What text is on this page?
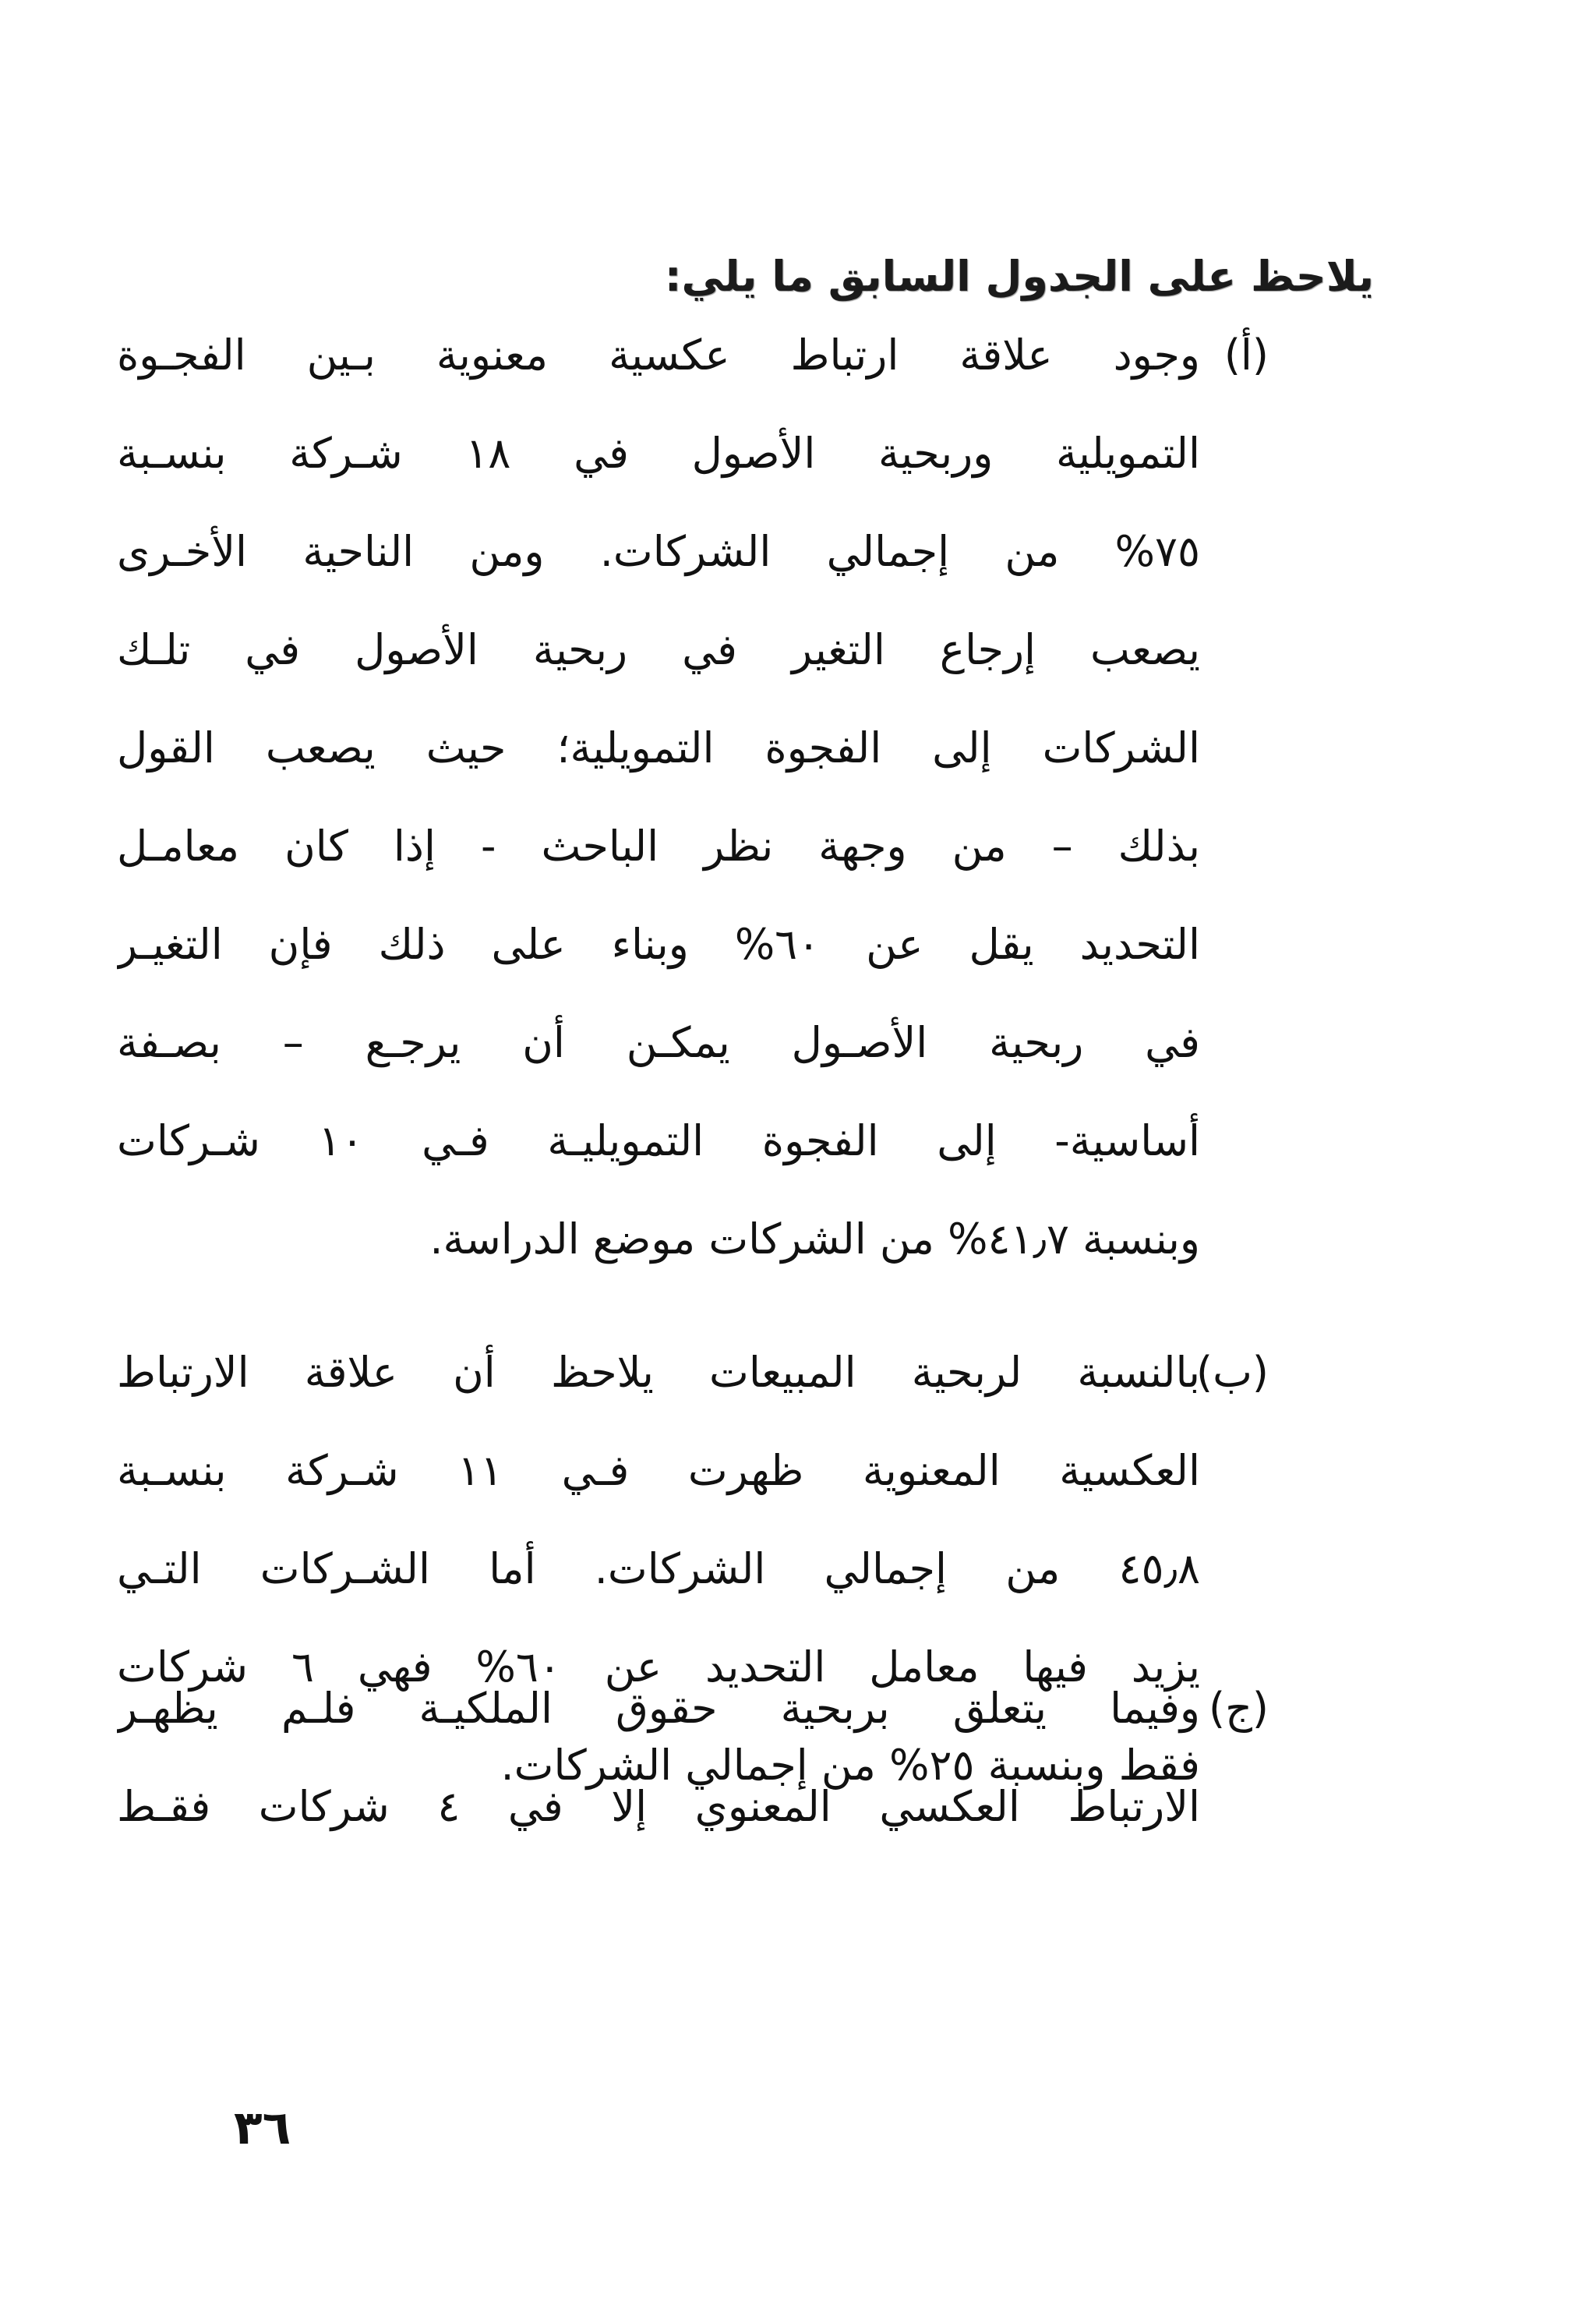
يلاحظ على الجدول السابق ما يلي:
(أ)
وجود علاقة ارتباط عكسية معنوية بـين الفجـوة
التمويلية وربحية الأصول في ١٨ شـركة بنسـبة
٧٥% من إجمالي الشركات. ومن الناحية الأخـرى
يصعب إرجاع التغير في ربحية الأصول في تلـك
الشركات إلى الفجوة التمويلية؛ حيث يصعب القول
بذلك – من وجهة نظر الباحث - إذا كان معامـل
التحديد يقل عن ٦٠% وبناء على ذلك فإن التغيـر
في ربحية الأصـول يمكـن أن يرجـع – بصـفة
أساسية- إلى الفجوة التمويليـة فـي ١٠ شـركات
وبنسبة ٤١٫٧% من الشركات موضع الدراسة.
(ب)
بالنسبة لربحية المبيعات يلاحظ أن علاقة الارتباط
العكسية المعنوية ظهرت فـي ١١ شـركة بنسـبة
٤٥٫٨ من إجمالي الشركات. أما الشـركات التـي
يزيد فيها معامل التحديد عن ٦٠% فهي ٦ شركات
فقط وبنسبة ٢٥% من إجمالي الشركات.
(ج)
وفيما يتعلق بربحية حقوق الملكيـة فلـم يظهـر
الارتباط العكسي المعنوي إلا في ٤ شركات فقـط
٣٦
